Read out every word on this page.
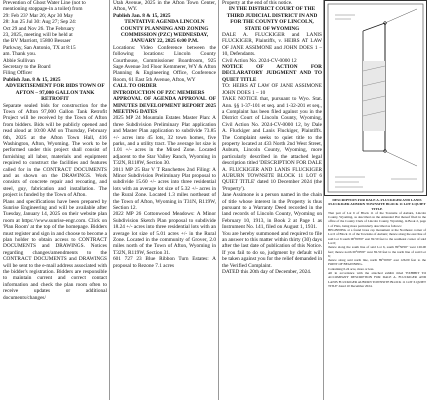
Prevention of Ghost Water Line (not to

mentioning stoppage-in a toilet) from

29: Feb 23? Mar 26; Apr 30 May

28: Jun 25 Jul 30: Aug 27; Sep 24:

Oct 29 and Nov 26. The February

23, 2025, meeting will be held at

the BV Marriott, 15800 Bessaer

Parkway, San Antonio, TX at 8:15

am. Thank you.

Abbie Sullivan

Secretary to the Board

Filing Officer

Publish Jan. 8 & 15, 2025

ADVERTISEMENT FOR BIDS TOWN OF AFTON – 97,000 GALLON TANK RETROFIT

Separate sealed bids for construction for the Town of Afton 97,000 Gallon Tank Retrofit Project will be received by the Town of Afton from bidders. Bids will be publicly opened and read aloud at 10:00 AM on Thursday, February 6th, 2025 at the Afton Town Hall, 416 Washington, Afton, Wyoming. The work to be performed under this project shall consist of furnishing all labor, materials and equipment required to construct the facilities and features called for in the CONTRACT DOCUMENTS and as shown on the DRAWINGS. Work consists of concrete repair and recoating, and steel, guy, fabrication and installation. The project is funded by the Town of Afton.

Plans and specifications have been prepared by Sunrise Engineering and will be available after Tuesday, January 14, 2025 on their website plan room at https://www.sunrise-engr.com. Click on 'Plan Room' at the top of the homepage. Bidders must register and sign in and choose to become a plan holder to obtain access to CONTRACT DOCUMENTS and DRAWINGS. Notices regarding changes/amendments to the CONTRACT DOCUMENTS and DRAWINGS will be sent to the e-mail address associated with the bidder's registration. Bidders are responsible to maintain current and correct contact information and check the plan room often to receive updates or additional documents/changes/

Utah Avenue, 2025 in the Afton Town Center, Afton, WY.

Publish Jan. 8 & 15, 2025

TENTATIVE AGENDA LINCOLN COUNTY PLANNING AND ZONING COMMISSION (PZC) WEDNESDAY, JANUARY 22, 2025 6:00 P.M.

Locations: Video Conference between the following locations: Lincoln County Courthouse, Commissioner Boardroom, 925 Sage Avenue 3rd Floor Kemmerer, WY & Afton Planning & Engineering Office, Conference Room, 61 East 5th Avenue, Afton, WY

CALL TO ORDER

INTRODUCTION OF PZC MEMBERS

APPROVAL OF AGENDA APPROVAL OF MINUTES DEVELOPMENT REPORT 2025 MEETING DATES

2025 MP 24 Mountain Estates Master Plan: A three Subdivision Preliminary Plat application and Master Plan application to subdivide 73.85 +/- acres into 45 lots, 32 town homes, five parks, and a utility tract. The average lot size is 1.01 +/- acres in the Mixed Zone. Located adjacent to the Star Valley Ranch, Wyoming in T32N, R118W, Section 30.

2011 MP 25 Bar V T Ranchettes 2nd Filing: A Minor Subdivision Preliminary Plat proposal to subdivide 15.60 +/- acres into three residential lots with an average lot size of 5.32 +/- acres in the Rural Zone. Located 1.3 miles northeast of the Town of Afton, Wyoming in T31N, R119W, Section 12.

2022 MP 26 Cottonwood Meadows: A Minor Subdivision Sketch Plan proposal to subdivide 18.24 +/- acres into three residential lots with an average lot size of 5.01 acres +/- in the Rural Zone. Located in the community of Grover, 2.0 miles north of the Town of Afton, Wyoming in T32N, R119W, Section 31.

601 727 23 Blue Ribbon Turn Estates: A proposal to Rezone 7.1 acres

Property at the end of this notice.

IN THE DISTRICT COURT OF THE THIRD JUDICIAL DISTRICT IN AND FOR THE COUNTY OF LINCOLN, STATE OF WYOMING

DALE A. FLUCKIGER and LANIS FLUCKIGER, Plaintiffs, v. HEIRS AT LAW OF JANE ASSIMONE and JOHN DOES 1 – 10, Defendants.

Civil Action No. 2024-CV-0000 12

NOTICE OF ACTION FOR DECLARATORY JUDGMENT AND TO QUIET TITLE

TO: HEIRS AT LAW OF JANE ASSIMONE JOHN DOES 1 – 10

TAKE NOTICE that, pursuant to Wyo. Stat. Ann. §§ 1-37-101 et seq. and 1-32-201 et seq., a Complaint has been filed against you in the District Court of Lincoln County, Wyoming, Civil Action No. 2024-CV-0000 12, by Dale A. Fluckiger and Lanis Fluckiger, Plaintiffs. The Complaint seeks to quiet title to the property located at 433 North 2nd West Street, Auburn, Lincoln County, Wyoming, more particularly described in the attached legal description titled 'DESCRIPTION FOR DALE A. FLUCKIGER AND LANIS FLUCKIGER AUBURN TOWNSITE BLOCK 11 LOT 6 QUIET TITLE' dated 10 December 2024 (the 'Property').

Jane Assimone is a person named in the chain of title whose interest in the Property is thus pursuant to a Warranty Deed recorded in the land records of Lincoln County, Wyoming on February 10, 1913, in Book 2 at Page 1 as Instrument No. 141, filed on August 1, 1931.

You are hereby summoned and required to file an answer to this matter within thirty (30) days after the last date of publication of this Notice. If you fail to do so, judgment by default will be taken against you for the relief demanded in the Verified Complaint.

DATED this 20th day of December, 2024.

DESCRIPTION FOR DALE A. FLUCKIGER AND LANIS FLUCKIGER AUBURN TOWNSITE BLOCK 11 LOT 6 QUIET TITLE

That part of Lot 6 of Block 11 of the Townsite of Auburn, Lincoln County, Wyoming, as described on the Amended Plat thereof filed in the office of the County Clerk of Lincoln County, Wyoming, in Book 2, page 1 of Plats, being more particularly described as follows:

BEGINNING at a found brass cap monument at the Northeast corner of Lot 6 of Block 11 of the Townsite of Auburn; thence along the east line of said Lot 6 south 00°00'00" east 82.50 feet to the southeast corner of said Lot 6;

thence along the south line of said Lot 6, south 89°56'00" west 126.00 feet; thence north 00°00'00" west 82.50 feet to the north line of said Lot 6;

thence along said north line, north 89°56'00" east 126.00 feet to the POINT OF BEGINNING.

Containing 0.24 acre, more or less.

All in accordance with the attached exhibit titled 'EXHIBIT TO ACCOMPANY DESCRIPTION FOR DALE A. FLUCKIGER AND LANIS FLUCKIGER AUBURN TOWNSITE BLOCK 11 LOT 6 QUIET TITLE' dated 10 December 2024.
